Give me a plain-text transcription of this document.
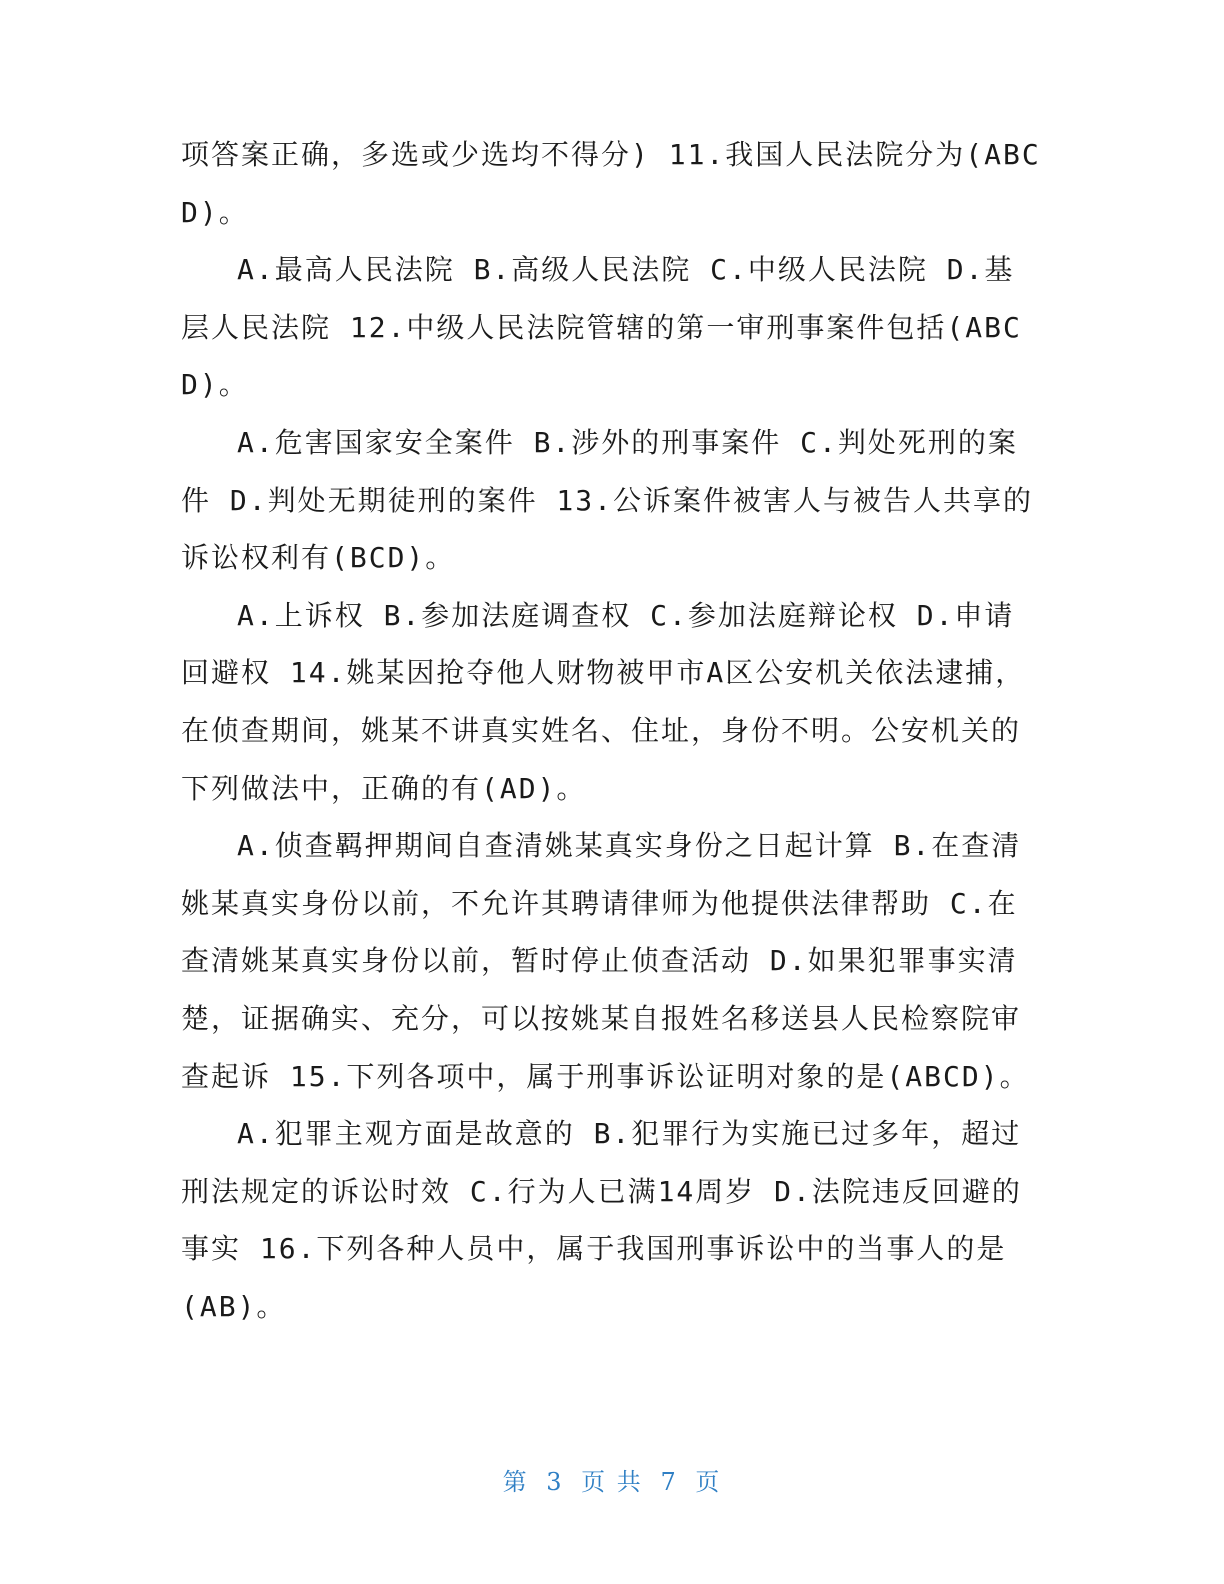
项答案正确，多选或少选均不得分) 11.我国人民法院分为(ABCD)。

A.最高人民法院 B.高级人民法院 C.中级人民法院 D.基层人民法院 12.中级人民法院管辖的第一审刑事案件包括(ABCD)。

A.危害国家安全案件 B.涉外的刑事案件 C.判处死刑的案件 D.判处无期徒刑的案件 13.公诉案件被害人与被告人共享的诉讼权利有(BCD)。

A.上诉权 B.参加法庭调查权 C.参加法庭辩论权 D.申请回避权 14.姚某因抢夺他人财物被甲市A区公安机关依法逮捕，在侦查期间，姚某不讲真实姓名、住址，身份不明。公安机关的下列做法中，正确的有(AD)。

A.侦查羁押期间自查清姚某真实身份之日起计算 B.在查清姚某真实身份以前，不允许其聘请律师为他提供法律帮助 C.在查清姚某真实身份以前，暂时停止侦查活动 D.如果犯罪事实清楚，证据确实、充分，可以按姚某自报姓名移送县人民检察院审查起诉 15.下列各项中，属于刑事诉讼证明对象的是(ABCD)。

A.犯罪主观方面是故意的 B.犯罪行为实施已过多年，超过刑法规定的诉讼时效 C.行为人已满14周岁 D.法院违反回避的事实 16.下列各种人员中，属于我国刑事诉讼中的当事人的是(AB)。

第 3 页 共 7 页
